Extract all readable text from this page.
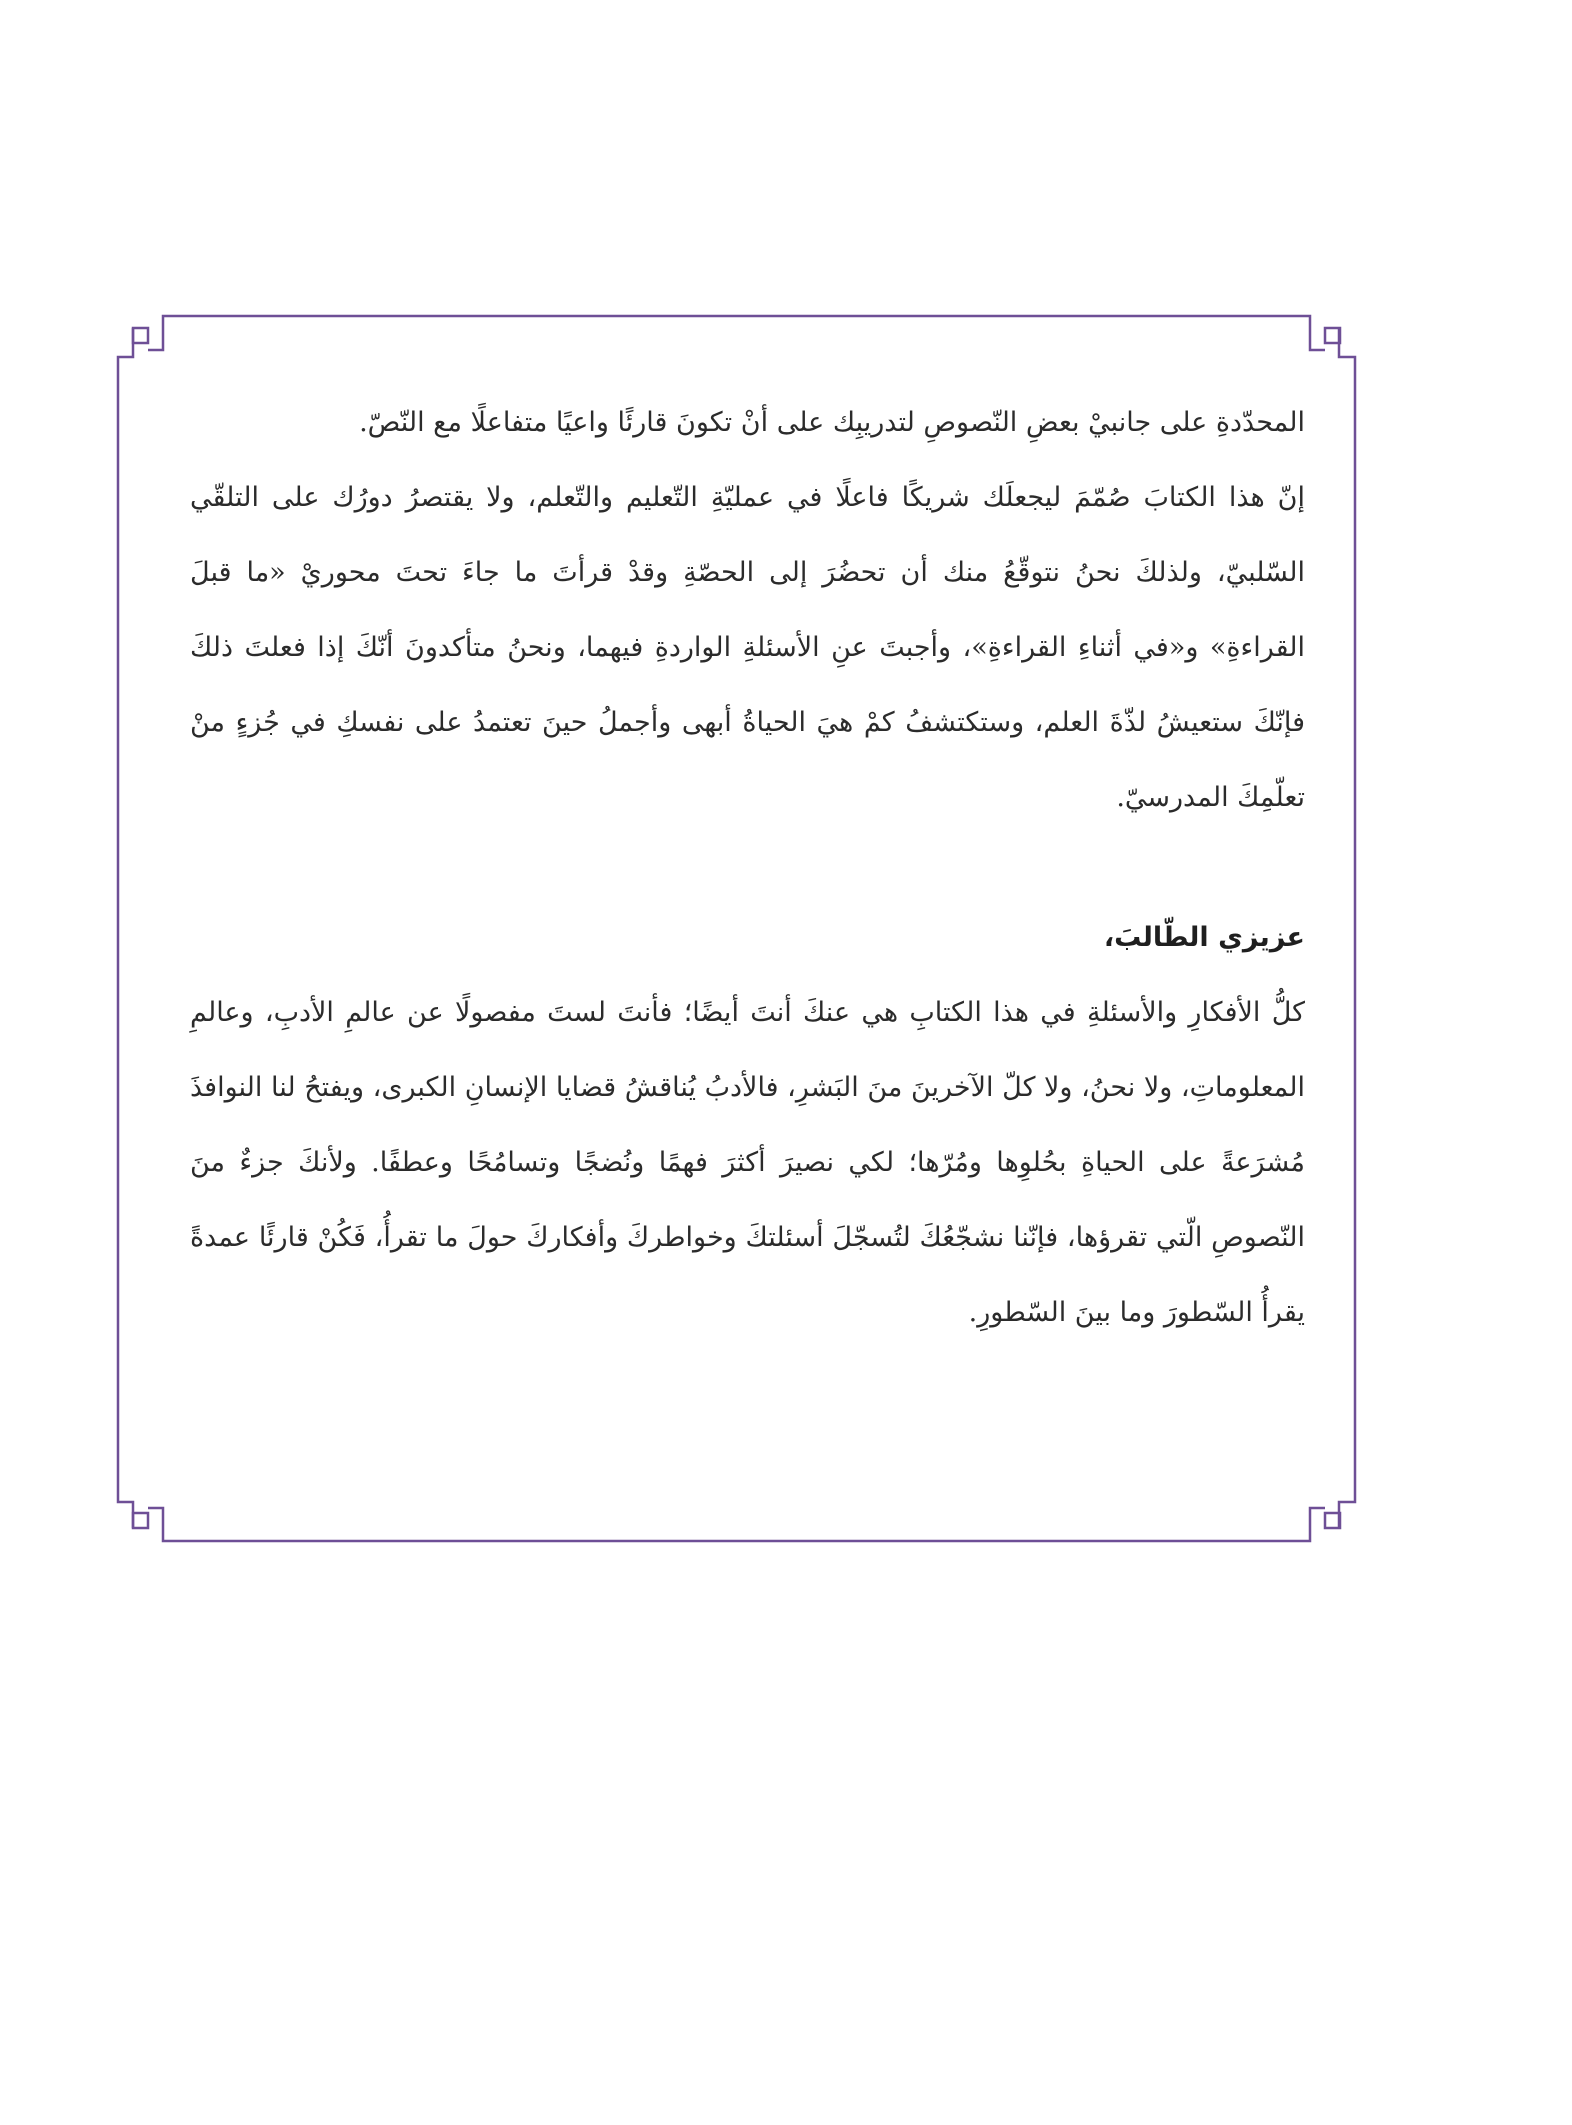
المحدّدةِ على جانبيْ بعضِ النّصوصِ لتدريبِك على أنْ تكونَ قارئًا واعيًا متفاعلًا مع النّصّ.

إنّ هذا الكتابَ صُمّمَ ليجعلَك شريكًا فاعلًا في عمليّةِ التّعليم والتّعلم، ولا يقتصرُ دورُك على التلقّي السّلبيّ، ولذلكَ نحنُ نتوقّعُ منك أن تحضُرَ إلى الحصّةِ وقدْ قرأتَ ما جاءَ تحتَ محوريْ «ما قبلَ القراءةِ» و«في أثناءِ القراءةِ»، وأجبتَ عنِ الأسئلةِ الواردةِ فيهما، ونحنُ متأكدونَ أنّكَ إذا فعلتَ ذلكَ فإنّكَ ستعيشُ لذّةَ العلم، وستكتشفُ كمْ هيَ الحياةُ أبهى وأجملُ حينَ تعتمدُ على نفسكِ في جُزءٍ منْ تعلّمِكَ المدرسيّ.

عزيزي الطّالبَ،

كلُّ الأفكارِ والأسئلةِ في هذا الكتابِ هي عنكَ أنتَ أيضًا؛ فأنتَ لستَ مفصولًا عن عالمِ الأدبِ، وعالمِ المعلوماتِ، ولا نحنُ، ولا كلّ الآخرينَ منَ البَشرِ، فالأدبُ يُناقشُ قضايا الإنسانِ الكبرى، ويفتحُ لنا النوافذَ مُشرَعةً على الحياةِ بحُلوِها ومُرّها؛ لكي نصيرَ أكثرَ فهمًا ونُضجًا وتسامُحًا وعطفًا. ولأنكَ جزءٌ منَ النّصوصِ الّتي تقرؤها، فإنّنا نشجّعُكَ لتُسجّلَ أسئلتكَ وخواطركَ وأفكاركَ حولَ ما تقرأُ، فَكُنْ قارئًا عمدةً يقرأُ السّطورَ وما بينَ السّطورِ.
